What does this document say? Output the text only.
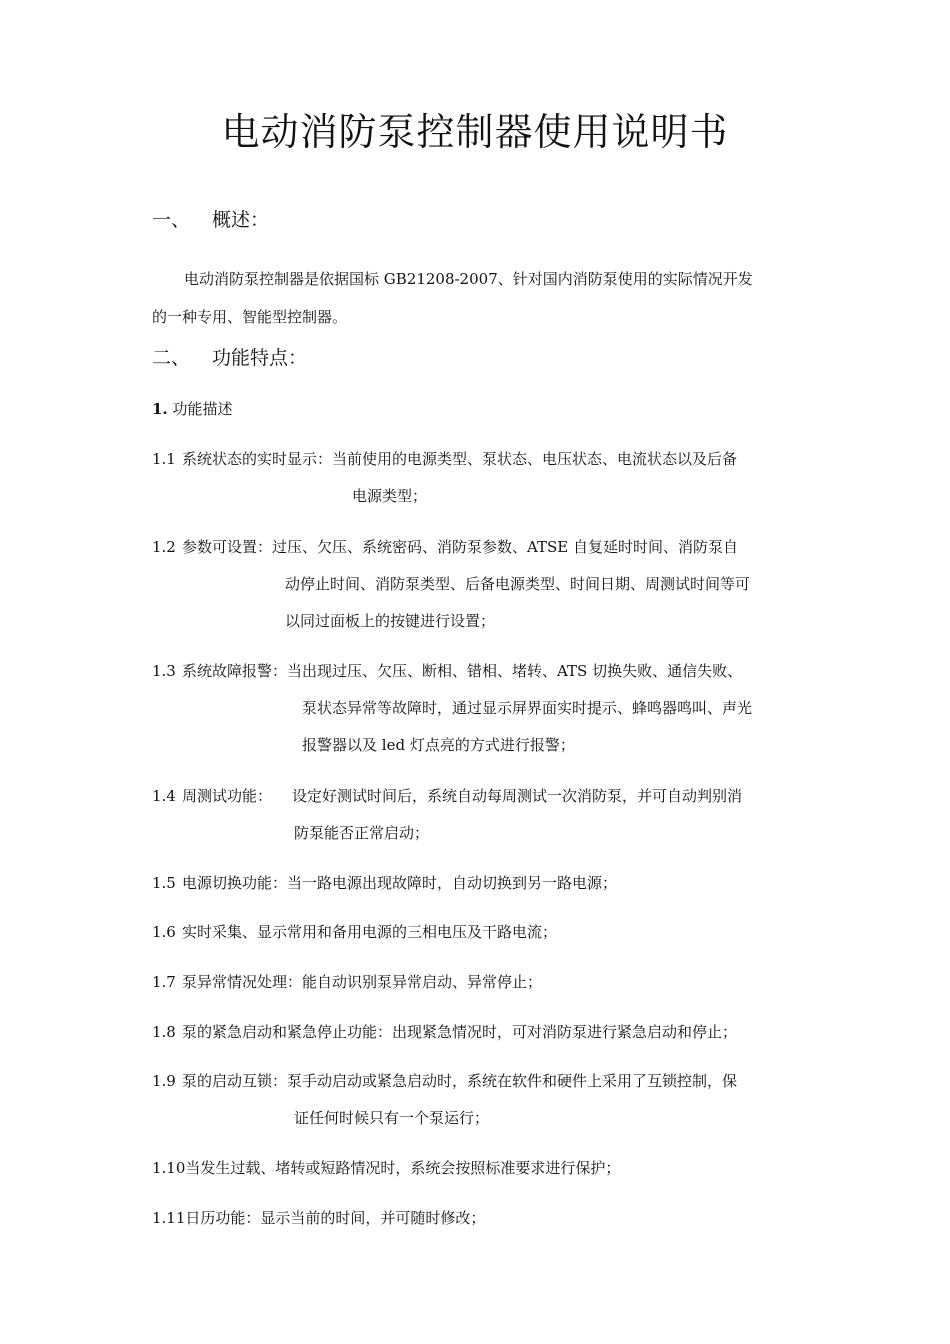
电动消防泵控制器使用说明书
一、 概述：
电动消防泵控制器是依据国标 GB21208-2007、针对国内消防泵使用的实际情况开发
的一种专用、智能型控制器。
二、 功能特点：
1. 功能描述
1.1 系统状态的实时显示：当前使用的电源类型、泵状态、电压状态、电流状态以及后备
电源类型；
1.2 参数可设置：过压、欠压、系统密码、消防泵参数、ATSE 自复延时时间、消防泵自
动停止时间、消防泵类型、后备电源类型、时间日期、周测试时间等可
以同过面板上的按键进行设置；
1.3 系统故障报警：当出现过压、欠压、断相、错相、堵转、ATS 切换失败、通信失败、
泵状态异常等故障时，通过显示屏界面实时提示、蜂鸣器鸣叫、声光
报警器以及 led 灯点亮的方式进行报警；
1.4 周测试功能： 设定好测试时间后，系统自动每周测试一次消防泵，并可自动判别消
防泵能否正常启动；
1.5 电源切换功能：当一路电源出现故障时，自动切换到另一路电源；
1.6 实时采集、显示常用和备用电源的三相电压及干路电流；
1.7 泵异常情况处理：能自动识别泵异常启动、异常停止；
1.8 泵的紧急启动和紧急停止功能：出现紧急情况时，可对消防泵进行紧急启动和停止；
1.9 泵的启动互锁：泵手动启动或紧急启动时，系统在软件和硬件上采用了互锁控制，保
证任何时候只有一个泵运行；
1.10当发生过载、堵转或短路情况时，系统会按照标准要求进行保护；
1.11日历功能：显示当前的时间，并可随时修改；
